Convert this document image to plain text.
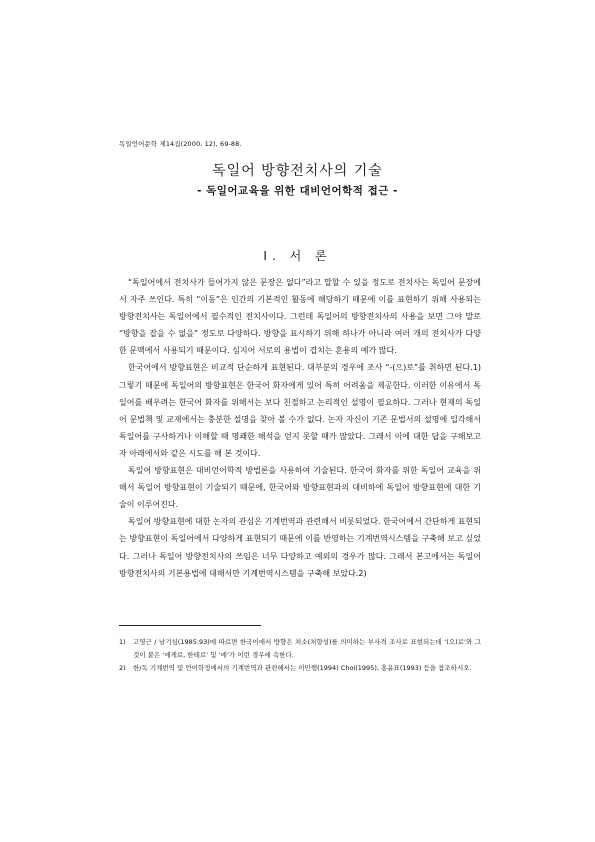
독일언어문학 제14집(2000. 12), 69-88.
독일어 방향전치사의 기술
- 독일어교육을 위한 대비언어학적 접근 -
I. 서 론

“독일어에서 전치사가 들어가지 않은 문장은 없다”라고 말할 수 있을 정도로 전치사는 독일어 문장에서 자주 쓰인다. 특히 “이동”은 인간의 기본적인 활동에 해당하기 때문에 이를 표현하기 위해 사용되는 방향전치사는 독일어에서 필수적인 전치사이다. 그런데 독일어의 방향전치사의 사용을 보면 그야 말로 “방향을 잡을 수 없을” 정도로 다양하다. 방향을 표시하기 위해 하나가 아니라 여러 개의 전치사가 다양한 문맥에서 사용되기 때문이다. 심지어 서로의 용법이 겹치는 혼용의 예가 많다.

한국어에서 방향표현은 비교적 단순하게 표현된다. 대부분의 경우에 조사 “-(으)로”를 취하면 된다.1) 그렇기 때문에 독일어의 방향표현은 한국어 화자에게 있어 특히 어려움을 제공한다. 이러한 이유에서 독일어를 배우려는 한국어 화자를 위해서는 보다 친절하고 논리적인 설명이 필요하다. 그러나 현재의 독일어 문법책 및 교재에서는 충분한 설명을 찾아 볼 수가 없다. 논자 자신이 기존 문법서의 설명에 입각해서 독일어를 구사하거나 이해할 때 명쾌한 해석을 얻지 못할 때가 많았다. 그래서 이에 대한 답을 구해보고자 아래에서와 같은 시도를 해 본 것이다.

독일어 방향표현은 대비언어학적 방법론을 사용하여 기술된다. 한국어 화자를 위한 독일어 교육을 위해서 독일어 방향표현이 기술되기 때문에, 한국어와 방향표현과의 대비하에 독일어 방향표현에 대한 기술이 이루어진다.

독일어 방향표현에 대한 논자의 관심은 기계번역과 관련해서 비롯되었다. 한국어에서 간단하게 표현되는 방향표현이 독일어에서 다양하게 표현되기 때문에 이를 반영하는 기계번역시스템을 구축해 보고 싶었다. 그러나 독일어 방향전치사의 쓰임은 너무 다양하고 예외의 경우가 많다. 그래서 본고에서는 독일어 방향전치사의 기본용법에 대해서만 기계번역시스템을 구축해 보았다.2)

1)	고영근 / 남기심(1985:93)에 따르면 한국어에서 방향은 처소(처향성)를 의미하는 부사격 조사로 표현되는데 ‘(으)로’와 그것이 붙은 ‘에게로, 한테로’ 및 ‘에’가 이런 경우에 속한다.
2)	한/독 기계번역 및 언어학정에서의 기계번역과 관련해서는 이민행(1994) Choi(1995), 홍윤표(1993) 등을 참조하시오.
